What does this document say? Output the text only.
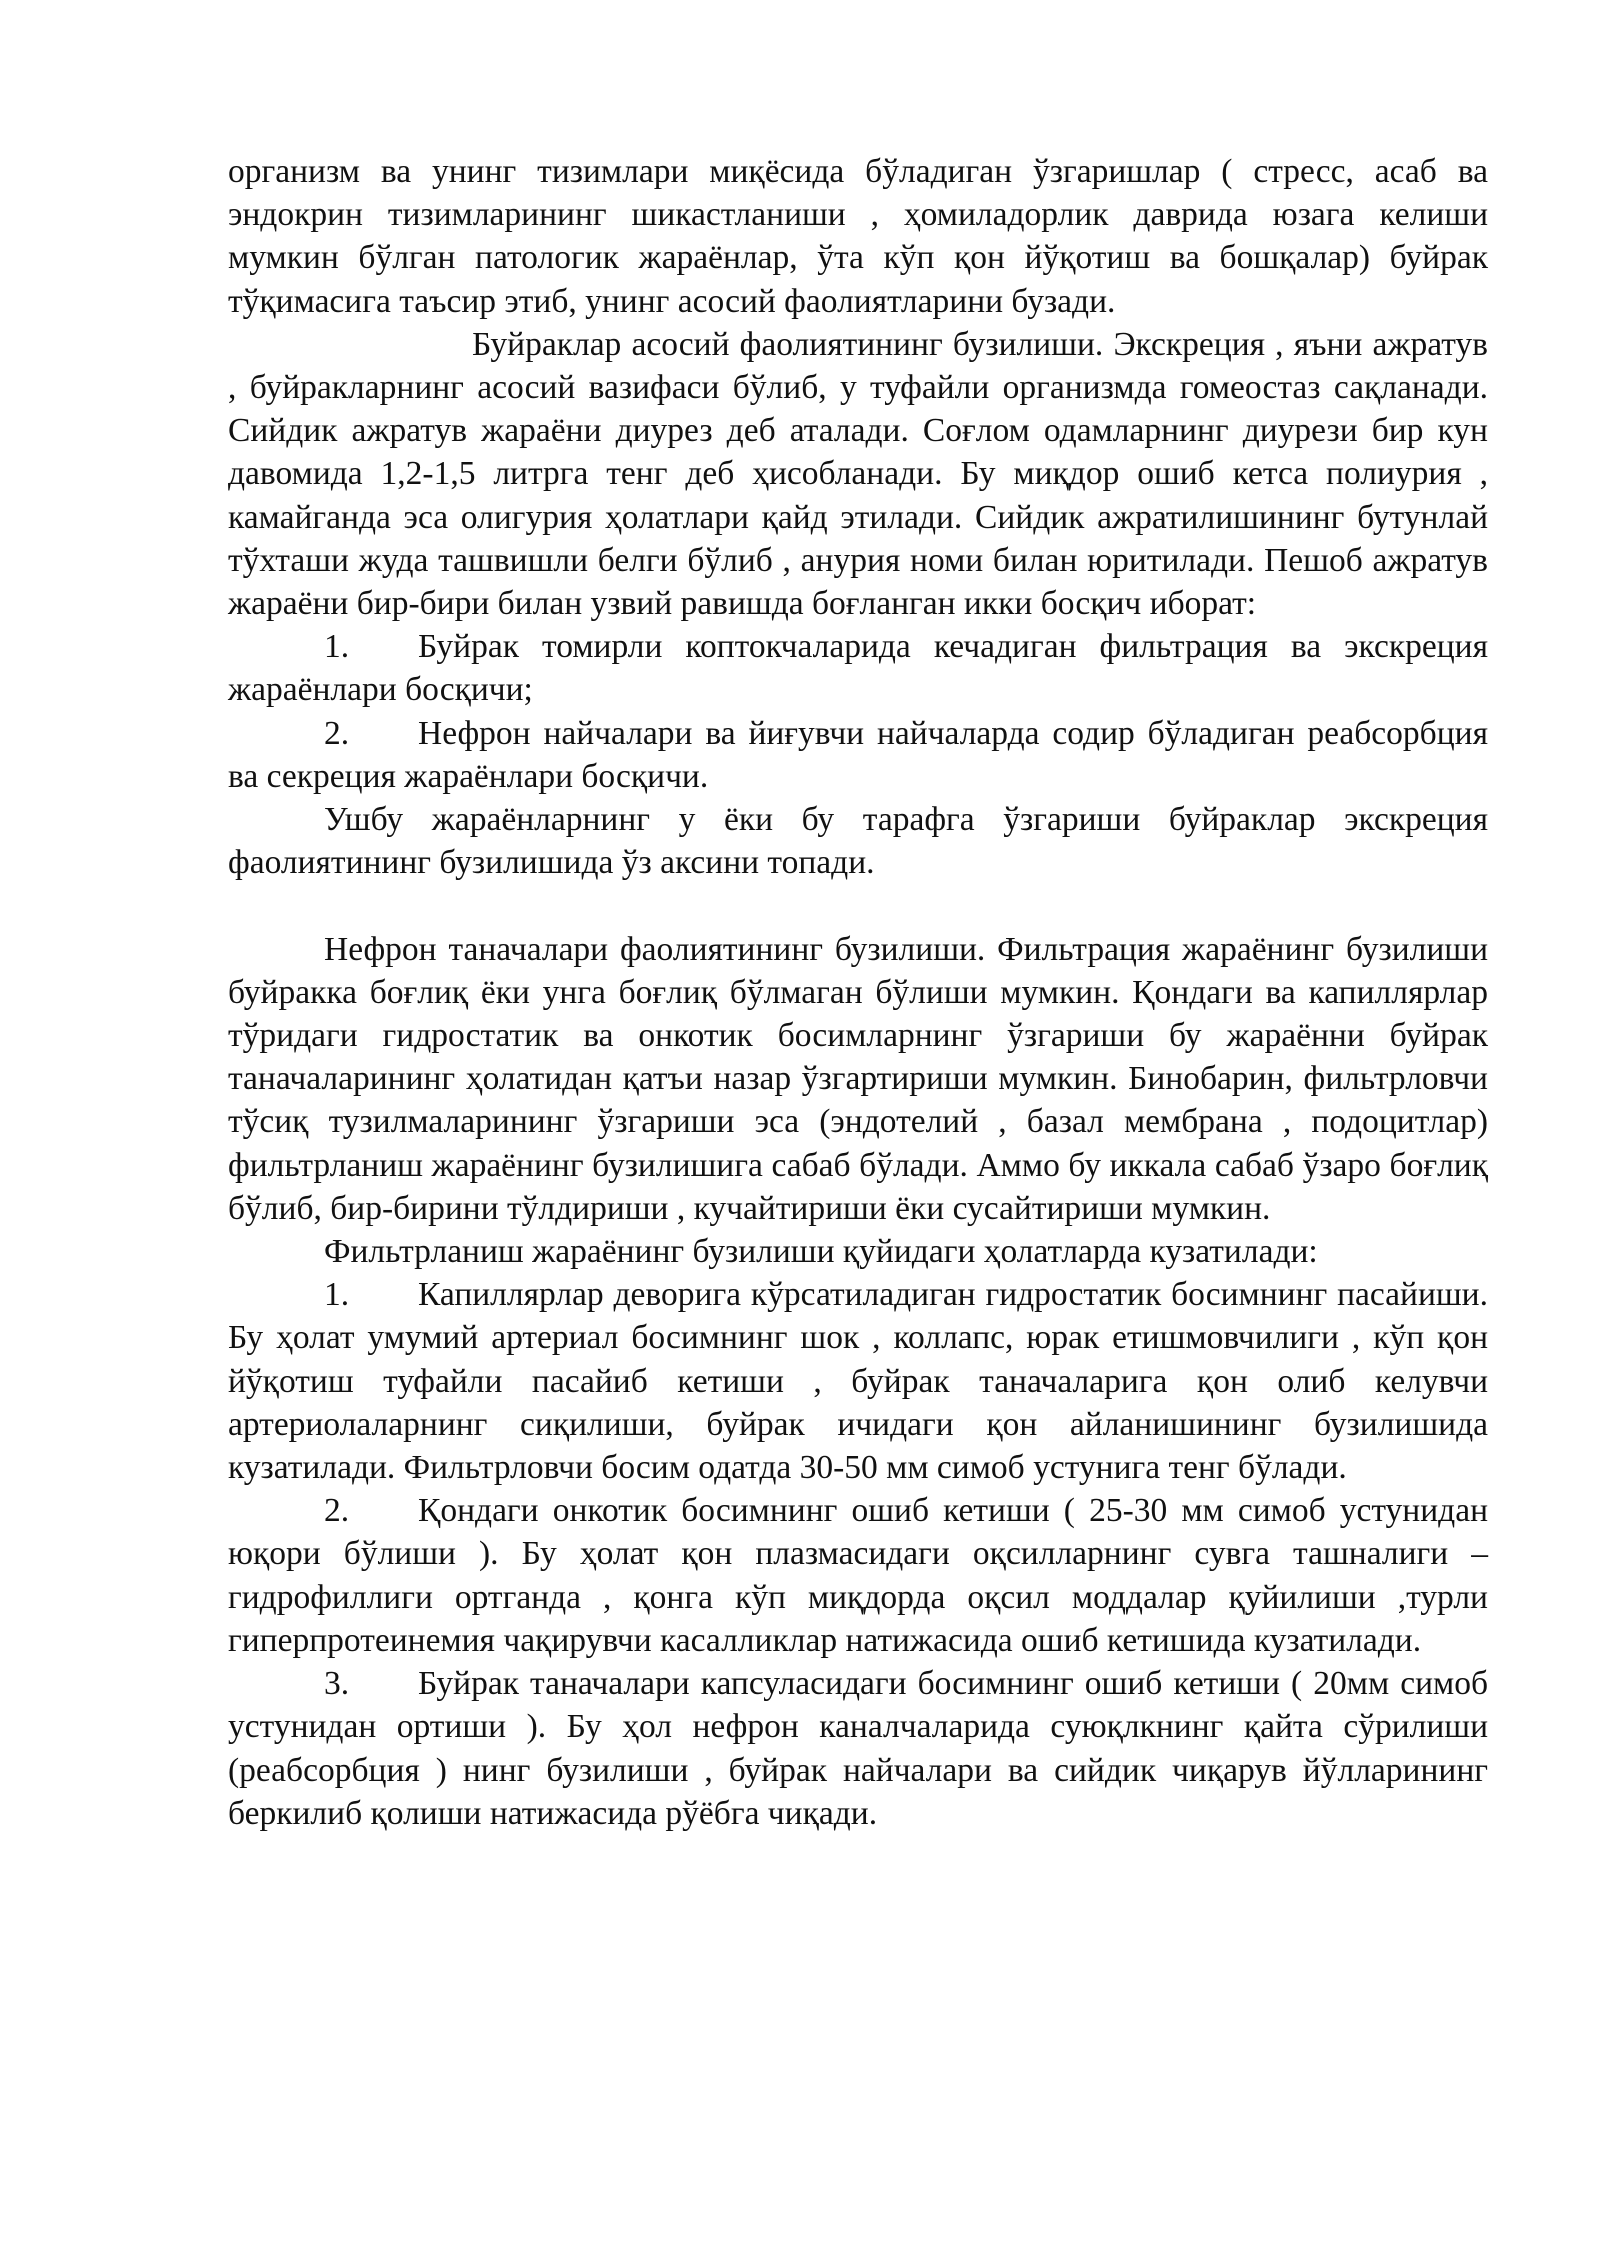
организм ва унинг тизимлари миқёсида бўладиган ўзгаришлар ( стресс, асаб ва эндокрин тизимларининг шикастланиши , ҳомиладорлик даврида юзага келиши мумкин бўлган патологик жараёнлар, ўта кўп қон йўқотиш ва бошқалар) буйрак тўқимасига таъсир этиб, унинг асосий фаолиятларини бузади.

Буйраклар асосий фаолиятининг бузилиши. Экскреция , яъни ажратув , буйракларнинг асосий вазифаси бўлиб, у туфайли организмда гомеостаз сақланади. Сийдик ажратув жараёни диурез деб аталади. Соғлом одамларнинг диурези бир кун давомида 1,2-1,5 литрга тенг деб ҳисобланади. Бу миқдор ошиб кетса полиурия , камайганда эса олигурия ҳолатлари қайд этилади. Сийдик ажратилишининг бутунлай тўхташи жуда ташвишли белги бўлиб , анурия номи билан юритилади. Пешоб ажратув жараёни бир-бири билан узвий равишда боғланган икки босқич иборат:

1. Буйрак томирли коптокчаларида кечадиган фильтрация ва экскреция жараёнлари босқичи;

2. Нефрон найчалари ва йиғувчи найчаларда содир бўладиган реабсорбция ва секреция жараёнлари босқичи.

Ушбу жараёнларнинг у ёки бу тарафга ўзгариши буйраклар экскреция фаолиятининг бузилишида ўз аксини топади.

Нефрон таначалари фаолиятининг бузилиши. Фильтрация жараёнинг бузилиши буйракка боғлиқ ёки унга боғлиқ бўлмаган бўлиши мумкин. Қондаги ва капиллярлар тўридаги гидростатик ва онкотик босимларнинг ўзгариши бу жараённи буйрак таначаларининг ҳолатидан қатъи назар ўзгартириши мумкин. Бинобарин, фильтрловчи тўсиқ тузилмаларининг ўзгариши эса (эндотелий , базал мембрана , подоцитлар) фильтрланиш жараёнинг бузилишига сабаб бўлади. Аммо бу иккала сабаб ўзаро боғлиқ бўлиб, бир-бирини тўлдириши , кучайтириши ёки сусайтириши мумкин.

Фильтрланиш жараёнинг бузилиши қуйидаги ҳолатларда кузатилади:

1. Капиллярлар деворига кўрсатиладиган гидростатик босимнинг пасайиши. Бу ҳолат умумий артериал босимнинг шок , коллапс, юрак етишмовчилиги , кўп қон йўқотиш туфайли пасайиб кетиши , буйрак таначаларига қон олиб келувчи артериолаларнинг сиқилиши, буйрак ичидаги қон айланишининг бузилишида кузатилади. Фильтрловчи босим одатда 30-50 мм симоб устунига тенг бўлади.

2. Қондаги онкотик босимнинг ошиб кетиши ( 25-30 мм симоб устунидан юқори бўлиши ). Бу ҳолат қон плазмасидаги оқсилларнинг сувга ташналиги – гидрофиллиги ортганда , қонга кўп миқдорда оқсил моддалар қуйилиши ,турли гиперпротеинемия чақирувчи касалликлар натижасида ошиб кетишида кузатилади.

3. Буйрак таначалари капсуласидаги босимнинг ошиб кетиши ( 20мм симоб устунидан ортиши ). Бу ҳол нефрон каналчаларида суюқлкнинг қайта сўрилиши (реабсорбция ) нинг бузилиши , буйрак найчалари ва сийдик чиқарув йўлларининг беркилиб қолиши натижасида рўёбга чиқади.
